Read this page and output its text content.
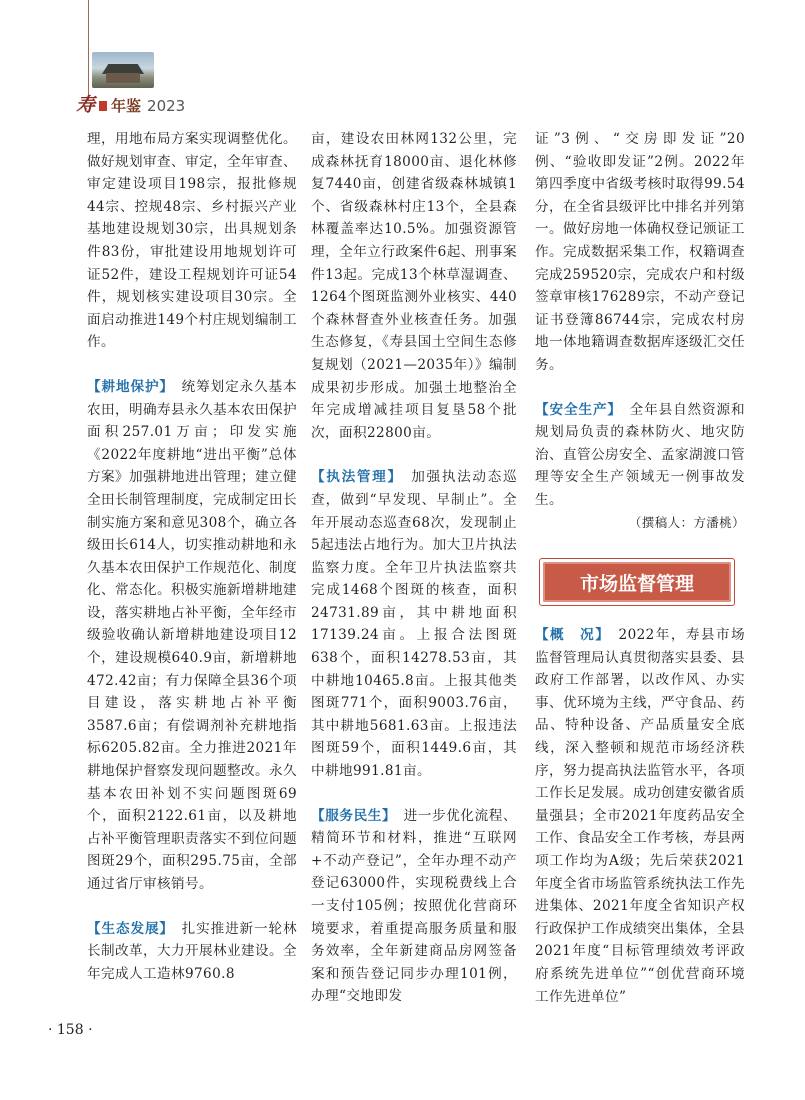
寿 年鉴 2023

理，用地布局方案实现调整优化。做好规划审查、审定，全年审查、审定建设项目198宗，报批修规44宗、控规48宗、乡村振兴产业基地建设规划30宗，出具规划条件83份，审批建设用地规划许可证52件，建设工程规划许可证54件，规划核实建设项目30宗。全面启动推进149个村庄规划编制工作。

【耕地保护】　 统筹划定永久基本农田，明确寿县永久基本农田保护面积257.01万亩；印发实施《2022年度耕地“进出平衡”总体方案》加强耕地进出管理；建立健全田长制管理制度，完成制定田长制实施方案和意见308个，确立各级田长614人，切实推动耕地和永久基本农田保护工作规范化、制度化、常态化。积极实施新增耕地建设，落实耕地占补平衡，全年经市级验收确认新增耕地建设项目12个，建设规模640.9亩，新增耕地472.42亩；有力保障全县36个项目建设，落实耕地占补平衡3587.6亩；有偿调剂补充耕地指标6205.82亩。全力推进2021年耕地保护督察发现问题整改。永久基本农田补划不实问题图斑69个，面积2122.61亩，以及耕地占补平衡管理职责落实不到位问题图斑29个，面积295.75亩，全部通过省厅审核销号。

【生态发展】　 扎实推进新一轮林长制改革，大力开展林业建设。全年完成人工造林9760.8

亩，建设农田林网132公里，完成森林抚育18000亩、退化林修复7440亩，创建省级森林城镇1个、省级森林村庄13个，全县森林覆盖率达10.5%。加强资源管理，全年立行政案件6起、刑事案件13起。完成13个林草湿调查、1264个图斑监测外业核实、440个森林督查外业核查任务。加强生态修复，《寿县国土空间生态修复规划（2021—2035年）》编制成果初步形成。加强土地整治全年完成增减挂项目复垦58个批次，面积22800亩。

【执法管理】　 加强执法动态巡查，做到“早发现、早制止”。全年开展动态巡查68次，发现制止5起违法占地行为。加大卫片执法监察力度。全年卫片执法监察共完成1468个图斑的核查，面积24731.89亩，其中耕地面积17139.24亩。上报合法图斑638个，面积14278.53亩，其中耕地10465.8亩。上报其他类图斑771个，面积9003.76亩，其中耕地5681.63亩。上报违法图斑59个，面积1449.6亩，其中耕地991.81亩。

【服务民生】　 进一步优化流程、精简环节和材料，推进“互联网+不动产登记”，全年办理不动产登记63000件，实现税费线上合一支付105例；按照优化营商环境要求，着重提高服务质量和服务效率，全年新建商品房网签备案和预告登记同步办理101例，办理“交地即发

证”3例、“交房即发证”20例、“验收即发证”2例。2022年第四季度中省级考核时取得99.54分，在全省县级评比中排名并列第一。做好房地一体确权登记颁证工作。完成数据采集工作，权籍调查完成259520宗，完成农户和村级签章审核176289宗，不动产登记证书登簿86744宗，完成农村房地一体地籍调查数据库逐级汇交任务。

【安全生产】　 全年县自然资源和规划局负责的森林防火、地灾防治、直管公房安全、孟家湖渡口管理等安全生产领域无一例事故发生。

（撰稿人：方潘桃）

市场监督管理

【概　况】　 2022年，寿县市场监督管理局认真贯彻落实县委、县政府工作部署，以改作风、办实事、优环境为主线，严守食品、药品、特种设备、产品质量安全底线，深入整顿和规范市场经济秩序，努力提高执法监管水平，各项工作长足发展。成功创建安徽省质量强县；全市2021年度药品安全工作、食品安全工作考核，寿县两项工作均为A级；先后荣获2021年度全省市场监管系统执法工作先进集体、2021年度全省知识产权行政保护工作成绩突出集体，全县2021年度“目标管理绩效考评政府系统先进单位”“创优营商环境工作先进单位”

· 158 ·
